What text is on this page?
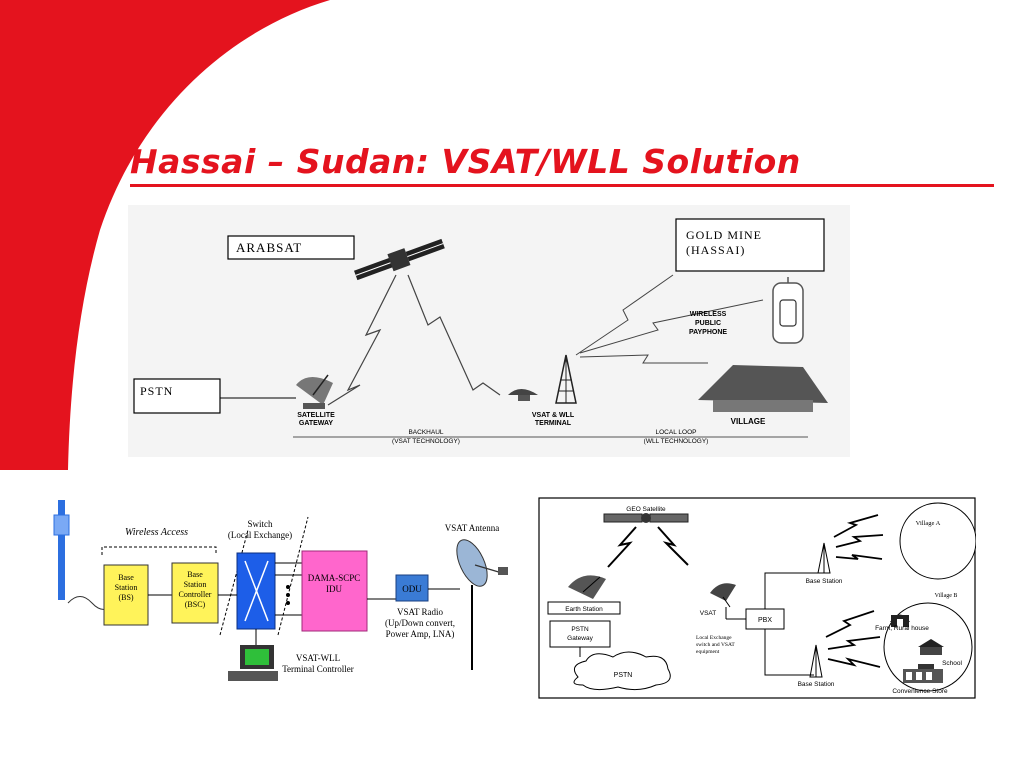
Hassai – Sudan: VSAT/WLL Solution
ARABSAT
GOLD MINE
(HASSAI)
PSTN
SATELLITE
GATEWAY
VSAT & WLL
TERMINAL
WIRELESS
PUBLIC
PAYPHONE
VILLAGE
BACKHAUL
(VSAT TECHNOLOGY)
LOCAL LOOP
(WLL TECHNOLOGY)
Wireless Access
Base
Station
(BS)
Base
Station
Controller
(BSC)
Switch
(Local Exchange)
DAMA-SCPC
IDU	ODU
VSAT Antenna
VSAT Radio
(Up/Down convert,
Power Amp, LNA)
VSAT-WLL
Terminal Controller
GEO Satellite
Earth Station
PSTN
Gateway
PSTN
VSAT
PBX
Local Exchange
switch and VSAT
equipment
Base Station
Base Station
Village A
Village B
Farm, Rural house
School
Convenience Store
